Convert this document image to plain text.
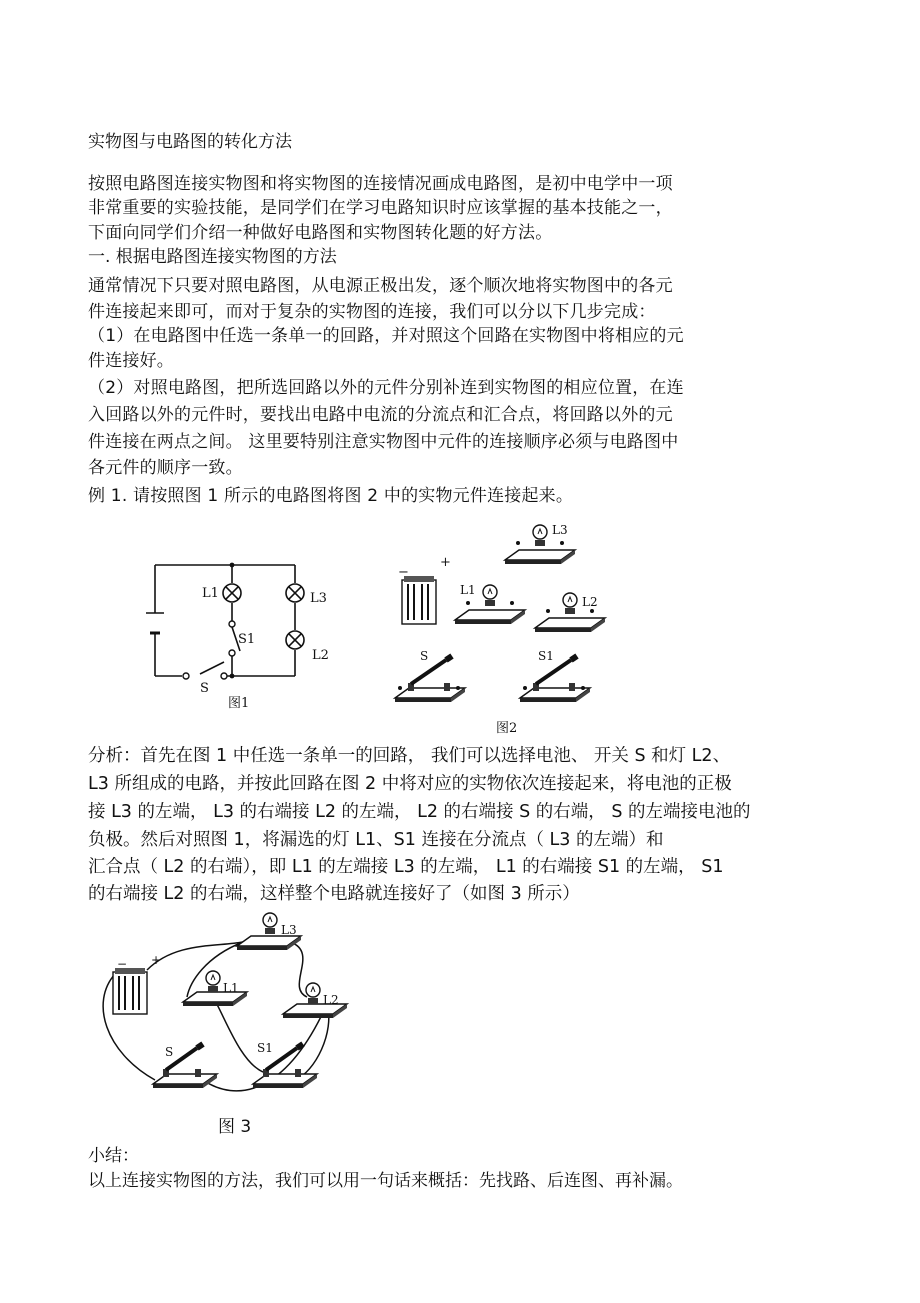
实物图与电路图的转化方法
按照电路图连接实物图和将实物图的连接情况画成电路图，是初中电学中一项
非常重要的实验技能，是同学们在学习电路知识时应该掌握的基本技能之一，
下面向同学们介绍一种做好电路图和实物图转化题的好方法。
一. 根据电路图连接实物图的方法
通常情况下只要对照电路图，从电源正极出发，逐个顺次地将实物图中的各元
件连接起来即可，而对于复杂的实物图的连接，我们可以分以下几步完成：
（1）在电路图中任选一条单一的回路，并对照这个回路在实物图中将相应的元
件连接好。
（2）对照电路图，把所选回路以外的元件分别补连到实物图的相应位置，在连
入回路以外的元件时，要找出电路中电流的分流点和汇合点，将回路以外的元
件连接在两点之间。 这里要特别注意实物图中元件的连接顺序必须与电路图中
各元件的顺序一致。
例 1. 请按照图 1 所示的电路图将图 2 中的实物元件连接起来。
L1	L3
L2
S1
S
图1
−
+
L3
L1
L2
S	S1
图2
分析：首先在图 1 中任选一条单一的回路， 我们可以选择电池、 开关 S 和灯 L2、
L3 所组成的电路，并按此回路在图 2 中将对应的实物依次连接起来，将电池的正极
接 L3 的左端， L3 的右端接 L2 的左端， L2 的右端接 S 的右端， S 的左端接电池的
负极。然后对照图 1，将漏选的灯 L1、S1 连接在分流点（ L3 的左端）和
汇合点（ L2 的右端），即 L1 的左端接 L3 的左端， L1 的右端接 S1 的左端， S1
的右端接 L2 的右端，这样整个电路就连接好了（如图 3 所示）
− +
L3
L1
L2
S	S1
图 3
小结：
以上连接实物图的方法，我们可以用一句话来概括：先找路、后连图、再补漏。
